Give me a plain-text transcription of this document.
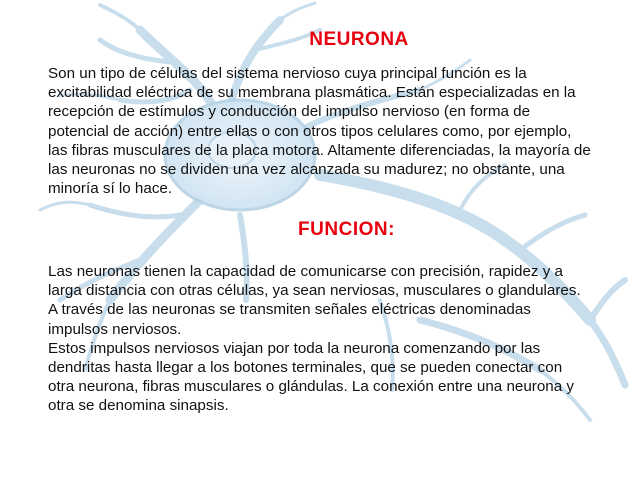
NEURONA

Son un tipo de células del sistema nervioso cuya principal función es la
excitabilidad eléctrica de su membrana plasmática. Están especializadas en la
recepción de estímulos y conducción del impulso nervioso (en forma de
potencial de acción) entre ellas o con otros tipos celulares como, por ejemplo,
las fibras musculares de la placa motora. Altamente diferenciadas, la mayoría de
las neuronas no se dividen una vez alcanzada su madurez; no obstante, una
minoría sí lo hace.

FUNCION:

Las neuronas tienen la capacidad de comunicarse con precisión, rapidez y a
larga distancia con otras células, ya sean nerviosas, musculares o glandulares.
A través de las neuronas se transmiten señales eléctricas denominadas
impulsos nerviosos.
Estos impulsos nerviosos viajan por toda la neurona comenzando por las
dendritas hasta llegar a los botones terminales, que se pueden conectar con
otra neurona, fibras musculares o glándulas. La conexión entre una neurona y
otra se denomina sinapsis.
